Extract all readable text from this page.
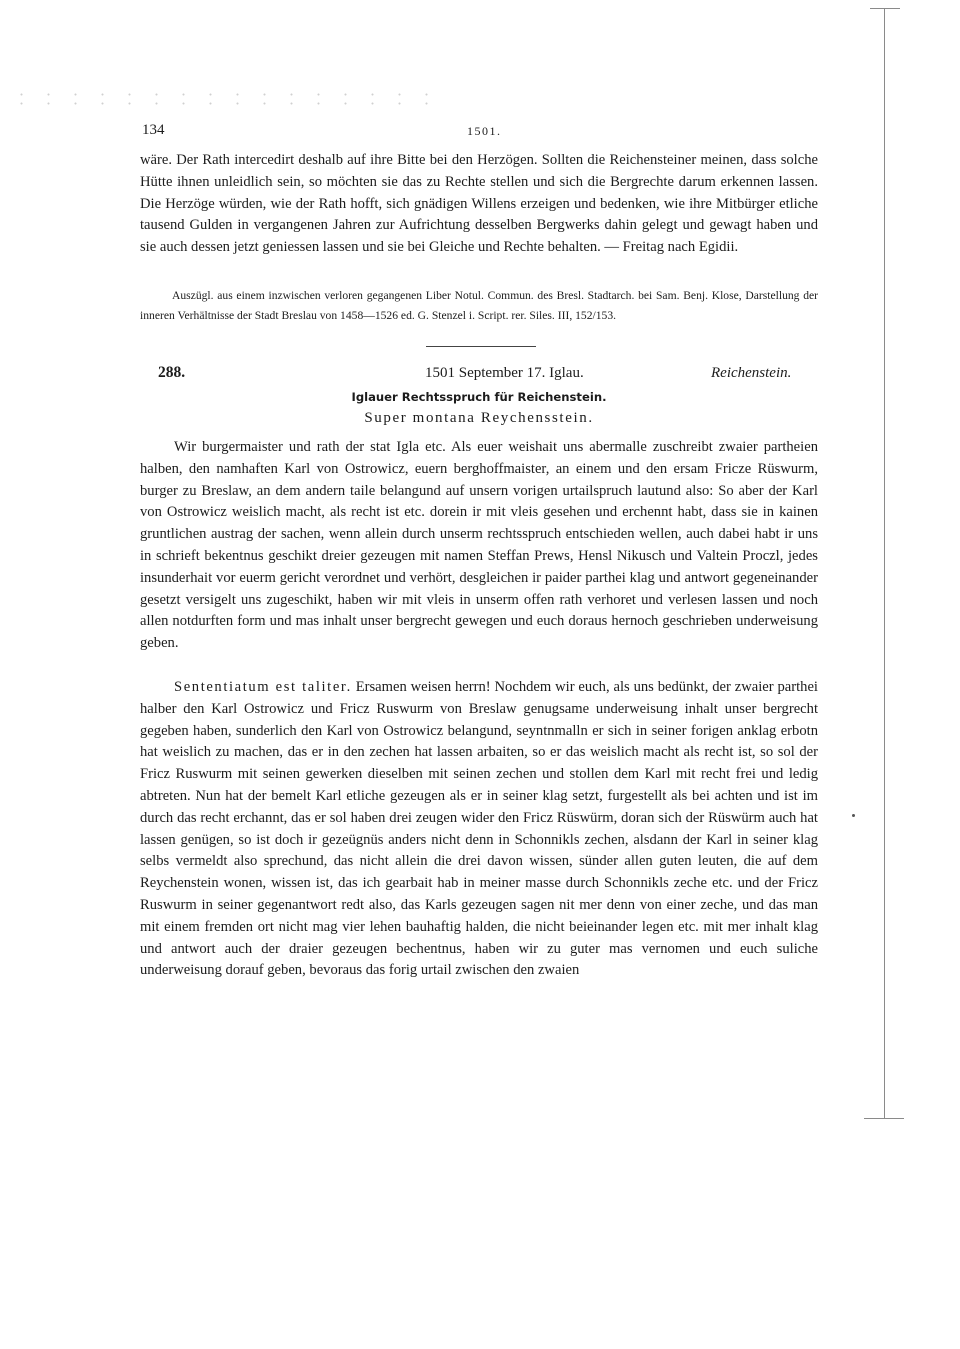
134	1501.

wäre. Der Rath intercedirt deshalb auf ihre Bitte bei den Herzögen. Sollten die Reichensteiner meinen, dass solche Hütte ihnen unleidlich sein, so möchten sie das zu Rechte stellen und sich die Bergrechte darum erkennen lassen. Die Herzöge würden, wie der Rath hofft, sich gnädigen Willens erzeigen und bedenken, wie ihre Mitbürger etliche tausend Gulden in vergangenen Jahren zur Aufrichtung desselben Bergwerks dahin gelegt und gewagt haben und sie auch dessen jetzt geniessen lassen und sie bei Gleiche und Rechte behalten. — Freitag nach Egidii.

Auszügl. aus einem inzwischen verloren gegangenen Liber Notul. Commun. des Bresl. Stadtarch. bei Sam. Benj. Klose, Darstellung der inneren Verhältnisse der Stadt Breslau von 1458—1526 ed. G. Stenzel i. Script. rer. Siles. III, 152/153.

288.	1501 September 17. Iglau.	Reichenstein.
Iglauer Rechtsspruch für Reichenstein.
Super montana Reychensstein.

Wir burgermaister und rath der stat Igla etc. Als euer weishait uns abermalle zuschreibt zwaier partheien halben, den namhaften Karl von Ostrowicz, euern berghoffmaister, an einem und den ersam Fricze Rüswurm, burger zu Breslaw, an dem andern taile belangund auf unsern vorigen urtailspruch lautund also: So aber der Karl von Ostrowicz weislich macht, als recht ist etc. dorein ir mit vleis gesehen und erchennt habt, dass sie in kainen gruntlichen austrag der sachen, wenn allein durch unserm rechtsspruch entschieden wellen, auch dabei habt ir uns in schrieft bekentnus geschikt dreier gezeugen mit namen Steffan Prews, Hensl Nikusch und Valtein Proczl, jedes insunderhait vor euerm gericht verordnet und verhört, desgleichen ir paider parthei klag und antwort gegeneinander gesetzt versigelt uns zugeschikt, haben wir mit vleis in unserm offen rath verhoret und verlesen lassen und noch allen notdurften form und mas inhalt unser bergrecht gewegen und euch doraus hernoch geschrieben underweisung geben.

Sententiatum est taliter. Ersamen weisen herrn! Nochdem wir euch, als uns bedünkt, der zwaier parthei halber den Karl Ostrowicz und Fricz Ruswurm von Breslaw genugsame underweisung inhalt unser bergrecht gegeben haben, sunderlich den Karl von Ostrowicz belangund, seyntnmalln er sich in seiner forigen anklag erbotn hat weislich zu machen, das er in den zechen hat lassen arbaiten, so er das weislich macht als recht ist, so sol der Fricz Ruswurm mit seinen gewerken dieselben mit seinen zechen und stollen dem Karl mit recht frei und ledig abtreten. Nun hat der bemelt Karl etliche gezeugen als er in seiner klag setzt, furgestellt als bei achten und ist im durch das recht erchannt, das er sol haben drei zeugen wider den Fricz Rüswürm, doran sich der Rüswürm auch hat lassen genügen, so ist doch ir gezeügnüs anders nicht denn in Schonnikls zechen, alsdann der Karl in seiner klag selbs vermeldt also sprechund, das nicht allein die drei davon wissen, sünder allen guten leuten, die auf dem Reychenstein wonen, wissen ist, das ich gearbait hab in meiner masse durch Schonnikls zeche etc. und der Fricz Ruswurm in seiner gegenantwort redt also, das Karls gezeugen sagen nit mer denn von einer zeche, und das man mit einem fremden ort nicht mag vier lehen bauhaftig halden, die nicht beieinander legen etc. mit mer inhalt klag und antwort auch der draier gezeugen bechentnus, haben wir zu guter mas vernomen und euch suliche underweisung dorauf geben, bevoraus das forig urtail zwischen den zwaien
